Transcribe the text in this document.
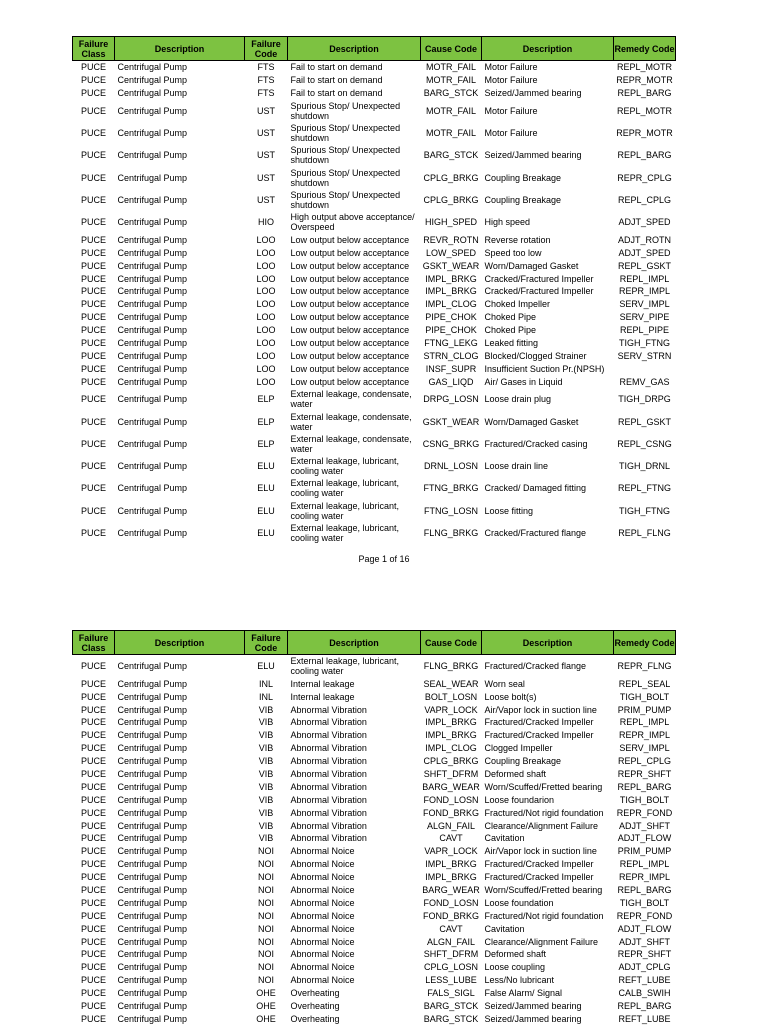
Failure Class	Description	Failure Code	Description	Cause Code	Description	Remedy Code
PUCE	Centrifugal Pump	FTS	Fail to start on demand	MOTR_FAIL	Motor Failure	REPL_MOTR
PUCE	Centrifugal Pump	FTS	Fail to start on demand	MOTR_FAIL	Motor Failure	REPR_MOTR
PUCE	Centrifugal Pump	FTS	Fail to start on demand	BARG_STCK	Seized/Jammed bearing	REPL_BARG
PUCE	Centrifugal Pump	UST	Spurious Stop/ Unexpected shutdown	MOTR_FAIL	Motor Failure	REPL_MOTR
PUCE	Centrifugal Pump	UST	Spurious Stop/ Unexpected shutdown	MOTR_FAIL	Motor Failure	REPR_MOTR
PUCE	Centrifugal Pump	UST	Spurious Stop/ Unexpected shutdown	BARG_STCK	Seized/Jammed bearing	REPL_BARG
PUCE	Centrifugal Pump	UST	Spurious Stop/ Unexpected shutdown	CPLG_BRKG	Coupling Breakage	REPR_CPLG
PUCE	Centrifugal Pump	UST	Spurious Stop/ Unexpected shutdown	CPLG_BRKG	Coupling Breakage	REPL_CPLG
PUCE	Centrifugal Pump	HIO	High output above acceptance/ Overspeed	HIGH_SPED	High speed	ADJT_SPED
PUCE	Centrifugal Pump	LOO	Low output below acceptance	REVR_ROTN	Reverse rotation	ADJT_ROTN
PUCE	Centrifugal Pump	LOO	Low output below acceptance	LOW_SPED	Speed too low	ADJT_SPED
PUCE	Centrifugal Pump	LOO	Low output below acceptance	GSKT_WEAR	Worn/Damaged Gasket	REPL_GSKT
PUCE	Centrifugal Pump	LOO	Low output below acceptance	IMPL_BRKG	Cracked/Fractured Impeller	REPL_IMPL
PUCE	Centrifugal Pump	LOO	Low output below acceptance	IMPL_BRKG	Cracked/Fractured Impeller	REPR_IMPL
PUCE	Centrifugal Pump	LOO	Low output below acceptance	IMPL_CLOG	Choked Impeller	SERV_IMPL
PUCE	Centrifugal Pump	LOO	Low output below acceptance	PIPE_CHOK	Choked Pipe	SERV_PIPE
PUCE	Centrifugal Pump	LOO	Low output below acceptance	PIPE_CHOK	Choked Pipe	REPL_PIPE
PUCE	Centrifugal Pump	LOO	Low output below acceptance	FTNG_LEKG	Leaked fitting	TIGH_FTNG
PUCE	Centrifugal Pump	LOO	Low output below acceptance	STRN_CLOG	Blocked/Clogged Strainer	SERV_STRN
PUCE	Centrifugal Pump	LOO	Low output below acceptance	INSF_SUPR	Insufficient Suction Pr.(NPSH)	
PUCE	Centrifugal Pump	LOO	Low output below acceptance	GAS_LIQD	Air/ Gases in Liquid	REMV_GAS
PUCE	Centrifugal Pump	ELP	External leakage, condensate, water	DRPG_LOSN	Loose drain plug	TIGH_DRPG
PUCE	Centrifugal Pump	ELP	External leakage, condensate, water	GSKT_WEAR	Worn/Damaged Gasket	REPL_GSKT
PUCE	Centrifugal Pump	ELP	External leakage, condensate, water	CSNG_BRKG	Fractured/Cracked casing	REPL_CSNG
PUCE	Centrifugal Pump	ELU	External leakage, lubricant, cooling water	DRNL_LOSN	Loose drain line	TIGH_DRNL
PUCE	Centrifugal Pump	ELU	External leakage, lubricant, cooling water	FTNG_BRKG	Cracked/ Damaged fitting	REPL_FTNG
PUCE	Centrifugal Pump	ELU	External leakage, lubricant, cooling water	FTNG_LOSN	Loose fitting	TIGH_FTNG
PUCE	Centrifugal Pump	ELU	External leakage, lubricant, cooling water	FLNG_BRKG	Cracked/Fractured flange	REPL_FLNG
Page 1 of 16
Failure Class	Description	Failure Code	Description	Cause Code	Description	Remedy Code
PUCE	Centrifugal Pump	ELU	External leakage, lubricant, cooling water	FLNG_BRKG	Fractured/Cracked flange	REPR_FLNG
PUCE	Centrifugal Pump	INL	Internal leakage	SEAL_WEAR	Worn seal	REPL_SEAL
PUCE	Centrifugal Pump	INL	Internal leakage	BOLT_LOSN	Loose bolt(s)	TIGH_BOLT
PUCE	Centrifugal Pump	VIB	Abnormal Vibration	VAPR_LOCK	Air/Vapor lock in suction line	PRIM_PUMP
PUCE	Centrifugal Pump	VIB	Abnormal Vibration	IMPL_BRKG	Fractured/Cracked Impeller	REPL_IMPL
PUCE	Centrifugal Pump	VIB	Abnormal Vibration	IMPL_BRKG	Fractured/Cracked Impeller	REPR_IMPL
PUCE	Centrifugal Pump	VIB	Abnormal Vibration	IMPL_CLOG	Clogged Impeller	SERV_IMPL
PUCE	Centrifugal Pump	VIB	Abnormal Vibration	CPLG_BRKG	Coupling Breakage	REPL_CPLG
PUCE	Centrifugal Pump	VIB	Abnormal Vibration	SHFT_DFRM	Deformed shaft	REPR_SHFT
PUCE	Centrifugal Pump	VIB	Abnormal Vibration	BARG_WEAR	Worn/Scuffed/Fretted bearing	REPL_BARG
PUCE	Centrifugal Pump	VIB	Abnormal Vibration	FOND_LOSN	Loose foundarion	TIGH_BOLT
PUCE	Centrifugal Pump	VIB	Abnormal Vibration	FOND_BRKG	Fractured/Not rigid foundation	REPR_FOND
PUCE	Centrifugal Pump	VIB	Abnormal Vibration	ALGN_FAIL	Clearance/Alignment Failure	ADJT_SHFT
PUCE	Centrifugal Pump	VIB	Abnormal Vibration	CAVT	Cavitation	ADJT_FLOW
PUCE	Centrifugal Pump	NOI	Abnormal Noice	VAPR_LOCK	Air/Vapor lock in suction line	PRIM_PUMP
PUCE	Centrifugal Pump	NOI	Abnormal Noice	IMPL_BRKG	Fractured/Cracked Impeller	REPL_IMPL
PUCE	Centrifugal Pump	NOI	Abnormal Noice	IMPL_BRKG	Fractured/Cracked Impeller	REPR_IMPL
PUCE	Centrifugal Pump	NOI	Abnormal Noice	BARG_WEAR	Worn/Scuffed/Fretted bearing	REPL_BARG
PUCE	Centrifugal Pump	NOI	Abnormal Noice	FOND_LOSN	Loose foundation	TIGH_BOLT
PUCE	Centrifugal Pump	NOI	Abnormal Noice	FOND_BRKG	Fractured/Not rigid foundation	REPR_FOND
PUCE	Centrifugal Pump	NOI	Abnormal Noice	CAVT	Cavitation	ADJT_FLOW
PUCE	Centrifugal Pump	NOI	Abnormal Noice	ALGN_FAIL	Clearance/Alignment Failure	ADJT_SHFT
PUCE	Centrifugal Pump	NOI	Abnormal Noice	SHFT_DFRM	Deformed shaft	REPR_SHFT
PUCE	Centrifugal Pump	NOI	Abnormal Noice	CPLG_LOSN	Loose coupling	ADJT_CPLG
PUCE	Centrifugal Pump	NOI	Abnormal Noice	LESS_LUBE	Less/No lubricant	REFT_LUBE
PUCE	Centrifugal Pump	OHE	Overheating	FALS_SIGL	False Alarm/ Signal	CALB_SWIH
PUCE	Centrifugal Pump	OHE	Overheating	BARG_STCK	Seized/Jammed bearing	REPL_BARG
PUCE	Centrifugal Pump	OHE	Overheating	BARG_STCK	Seized/Jammed bearing	REFT_LUBE
